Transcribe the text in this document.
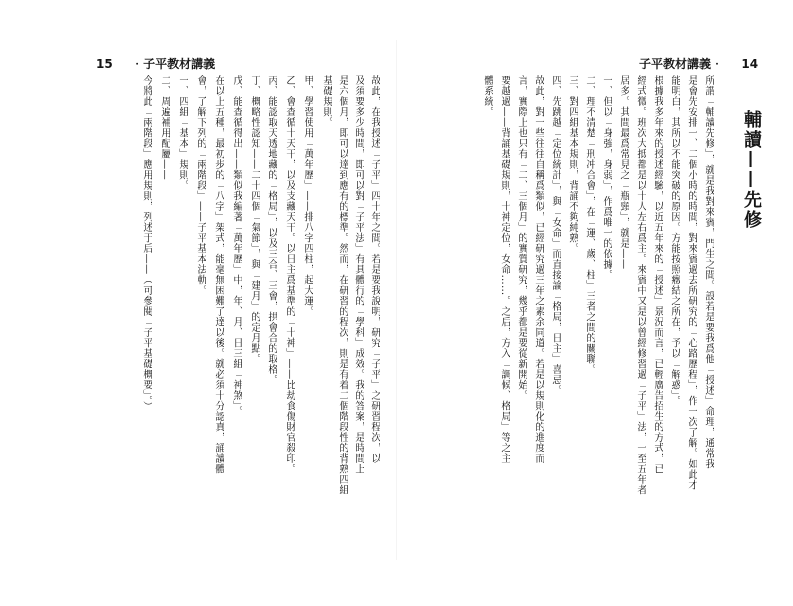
15 ‧子平教材講義
故此，在我授述「子平」四十年之間。若是要我說明，研究「子平」之研習程次，以
及須要多少時間，即可以對「子平法」有具體行的「學科」成效。我的答案，是時間上
是六個月，即可以達到應有的標準。然而，在研習的程次，則是有着二個階段性的背熟四組
基礎規則。
甲、學習使用「萬年歷」——排八字四柱，起大運。
乙、會查循十天干，以及支藏天干。以日主爲基準的「十神」——比劫食傷財官殺印。
丙、能認取天透地藏的「格局」，以及三合、三會，拱會合的取格。
丁、概略性認知——二十四個「氣節」，與「建月」的定月點。
戊、能查循得出——類似我編著「萬年歷」中，年、月、日三組「神煞」。
在以上五種，最初步的「八字」架式，能毫無困難了達以後。就必須十分認真，誦讀體
會，了解下列的「兩階段」——子平基本法軌。
一、四組「基本」規則。
二、周遍補用配屬——
今將此「兩階段」應用規則，列述于后——（可參閱「子平基礎概要」。）
子平教材講義‧ 14
輔讀——先修
所謂「輔讀先修」，就是我對來賓，門生之間。設若是要我爲他「授述」命理，通常我
是會先安排一、二個小時的時間，對來賓過去所研究的「心路歷程」，作一次了解。如此才
能明白，其所以不能突破的原因。方能按照癥結之所在，予以「解惑」。
根據我多年來的授述經驗，以近五年來的「授述」景況而言，已輕廣告招生的方式，已
經式微。班次大抵都是以十人左右爲主。來賓中又是以曾經修習過「子平」法，一至五年者
居多。其間最爲常見之「瓶頸」，就是——
一、但以「身強，身弱」，作爲唯一的依據。
二、理不清楚「刑冲合會」，在「運、歲、柱」三者之間的關聯。
三、對四組基本規則，背誦不夠純熟。
四、先跳越「定位統計」，與「女命」而直接論「格局，日主」喜忌。
故此，對一些往往自稱爲類似，已經研究過三年之素余同道。若是以規則化的進度而
言，實際上也只有「二、三個月」的實質研究，幾乎都是要從新開始。
要越過——背誦基礎規則，十神定位，女命……。之后，方入「調候、格局」等之主
體系統。
